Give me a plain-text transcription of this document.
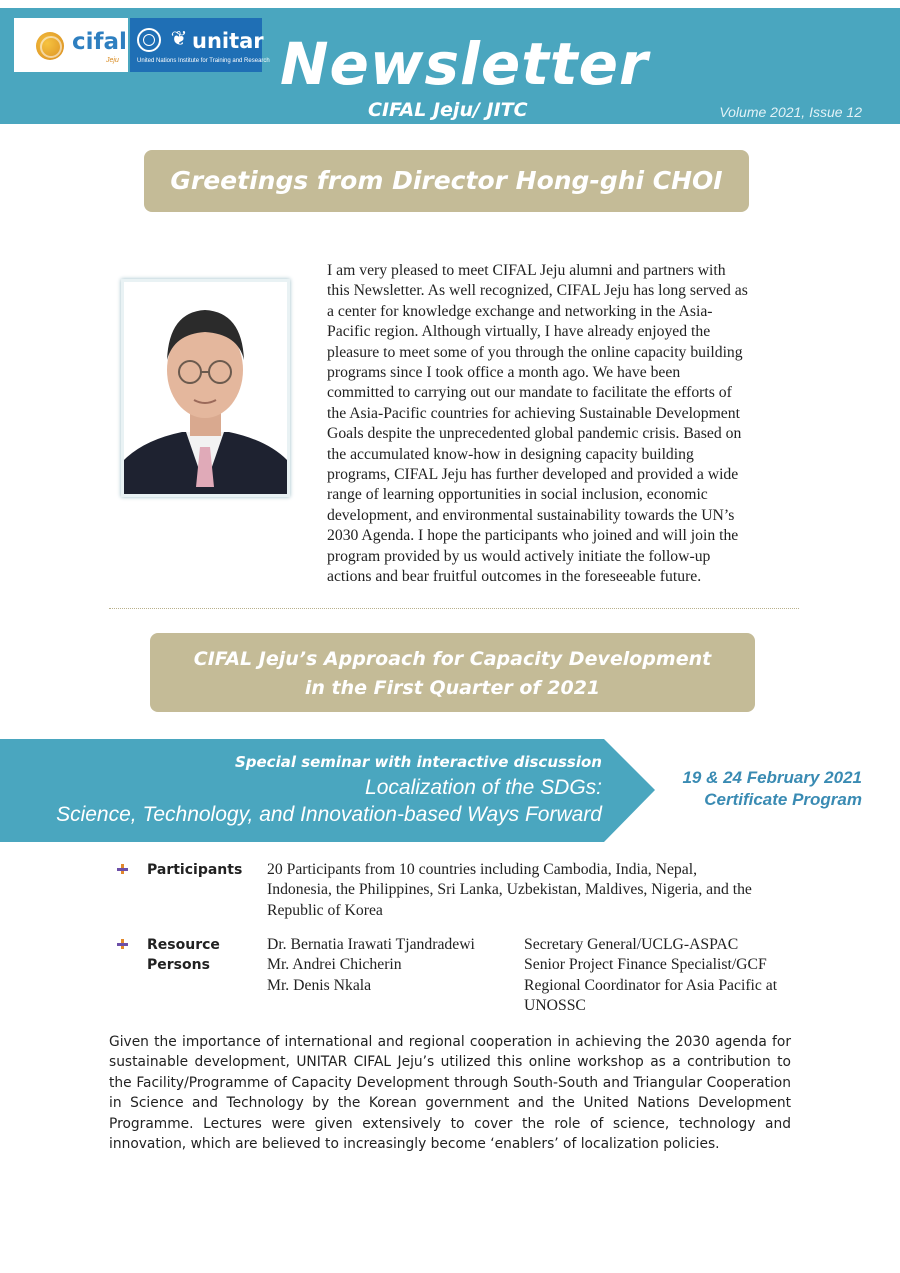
cifal
Jeju
❦ unitar
United Nations Institute for Training and Research Newsletter
CIFAL Jeju/ JITC	Volume 2021, Issue 12
Greetings from Director Hong-ghi CHOI
I am very pleased to meet CIFAL Jeju alumni and partners with
this Newsletter. As well recognized, CIFAL Jeju has long served as
a center for knowledge exchange and networking in the Asia-
Pacific region. Although virtually, I have already enjoyed the
pleasure to meet some of you through the online capacity building
programs since I took office a month ago. We have been
committed to carrying out our mandate to facilitate the efforts of
the Asia-Pacific countries for achieving Sustainable Development
Goals despite the unprecedented global pandemic crisis. Based on
the accumulated know-how in designing capacity building
programs, CIFAL Jeju has further developed and provided a wide
range of learning opportunities in social inclusion, economic
development, and environmental sustainability towards the UN’s
2030 Agenda. I hope the participants who joined and will join the
program provided by us would actively initiate the follow-up
actions and bear fruitful outcomes in the foreseeable future.
CIFAL Jeju’s Approach for Capacity Development
in the First Quarter of 2021
Special seminar with interactive discussion
Localization of the SDGs:
Science, Technology, and Innovation-based Ways Forward
19 & 24 February 2021
Certificate Program
Participants 20 Participants from 10 countries including Cambodia, India, Nepal,
Indonesia, the Philippines, Sri Lanka, Uzbekistan, Maldives, Nigeria, and the
Republic of Korea
Resource
Persons
Dr. Bernatia Irawati Tjandradewi
Mr. Andrei Chicherin
Mr. Denis Nkala
Secretary General/UCLG-ASPAC
Senior Project Finance Specialist/GCF
Regional Coordinator for Asia Pacific at
UNOSSC
Given the importance of international and regional cooperation in achieving the 2030 agenda for sustainable development, UNITAR CIFAL Jeju’s utilized this online workshop as a contribution to the Facility/Programme of Capacity Development through South-South and Triangular Cooperation in Science and Technology by the Korean government and the United Nations Development Programme. Lectures were given extensively to cover the role of science, technology and innovation, which are believed to increasingly become ‘enablers’ of localization policies.
